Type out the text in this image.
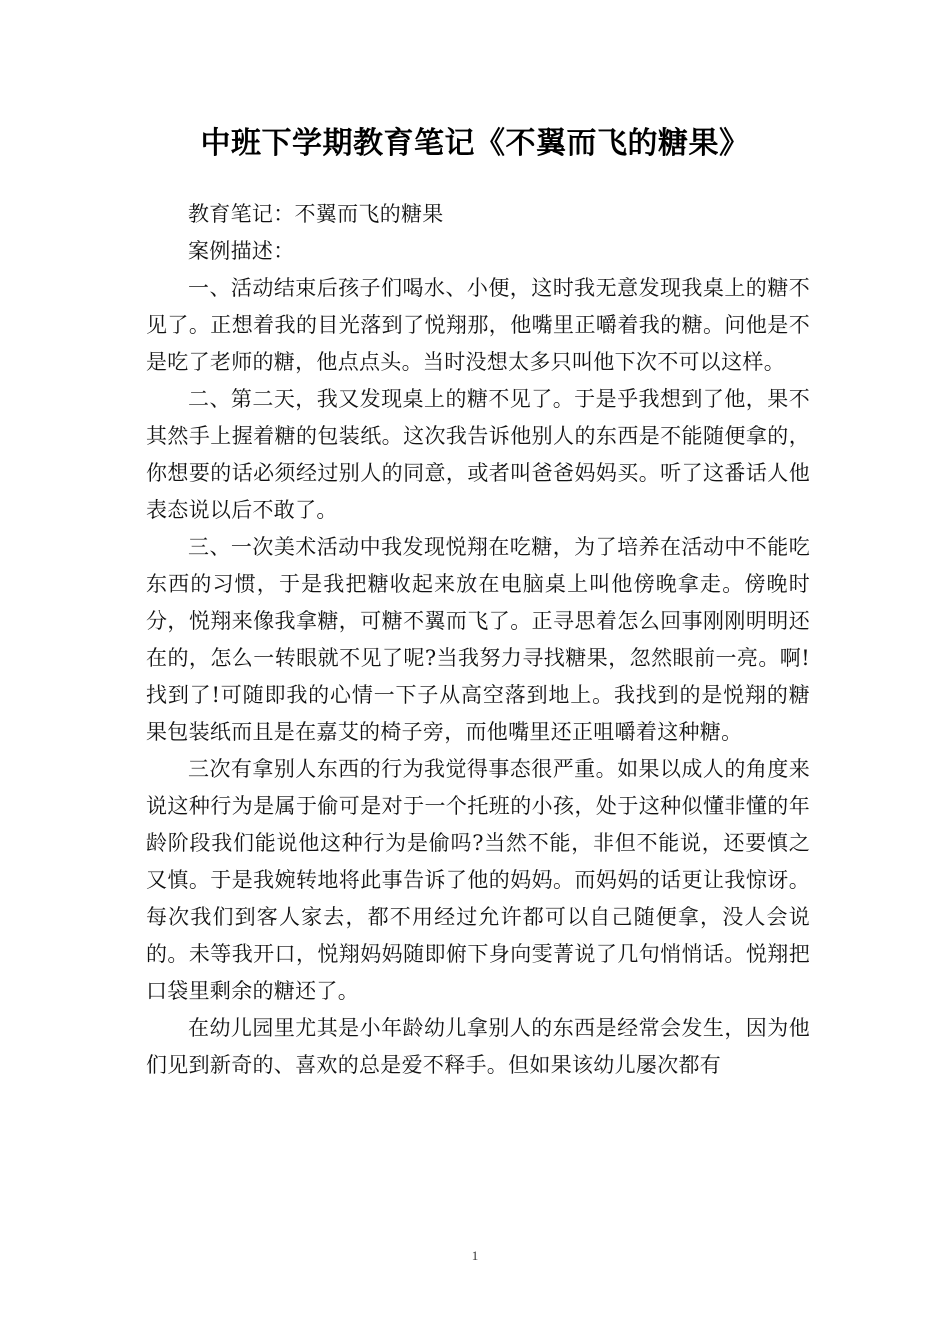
中班下学期教育笔记《不翼而飞的糖果》

教育笔记：不翼而飞的糖果

案例描述：

一、活动结束后孩子们喝水、小便，这时我无意发现我桌上的糖不见了。正想着我的目光落到了悦翔那，他嘴里正嚼着我的糖。问他是不是吃了老师的糖，他点点头。当时没想太多只叫他下次不可以这样。

二、第二天，我又发现桌上的糖不见了。于是乎我想到了他，果不其然手上握着糖的包装纸。这次我告诉他别人的东西是不能随便拿的，你想要的话必须经过别人的同意，或者叫爸爸妈妈买。听了这番话人他表态说以后不敢了。

三、一次美术活动中我发现悦翔在吃糖，为了培养在活动中不能吃东西的习惯，于是我把糖收起来放在电脑桌上叫他傍晚拿走。傍晚时分，悦翔来像我拿糖，可糖不翼而飞了。正寻思着怎么回事刚刚明明还在的，怎么一转眼就不见了呢?当我努力寻找糖果，忽然眼前一亮。啊!找到了!可随即我的心情一下子从高空落到地上。我找到的是悦翔的糖果包装纸而且是在嘉艾的椅子旁，而他嘴里还正咀嚼着这种糖。

三次有拿别人东西的行为我觉得事态很严重。如果以成人的角度来说这种行为是属于偷可是对于一个托班的小孩，处于这种似懂非懂的年龄阶段我们能说他这种行为是偷吗?当然不能，非但不能说，还要慎之又慎。于是我婉转地将此事告诉了他的妈妈。而妈妈的话更让我惊讶。每次我们到客人家去，都不用经过允许都可以自己随便拿，没人会说的。未等我开口，悦翔妈妈随即俯下身向雯菁说了几句悄悄话。悦翔把口袋里剩余的糖还了。

在幼儿园里尤其是小年龄幼儿拿别人的东西是经常会发生，因为他们见到新奇的、喜欢的总是爱不释手。但如果该幼儿屡次都有

1
